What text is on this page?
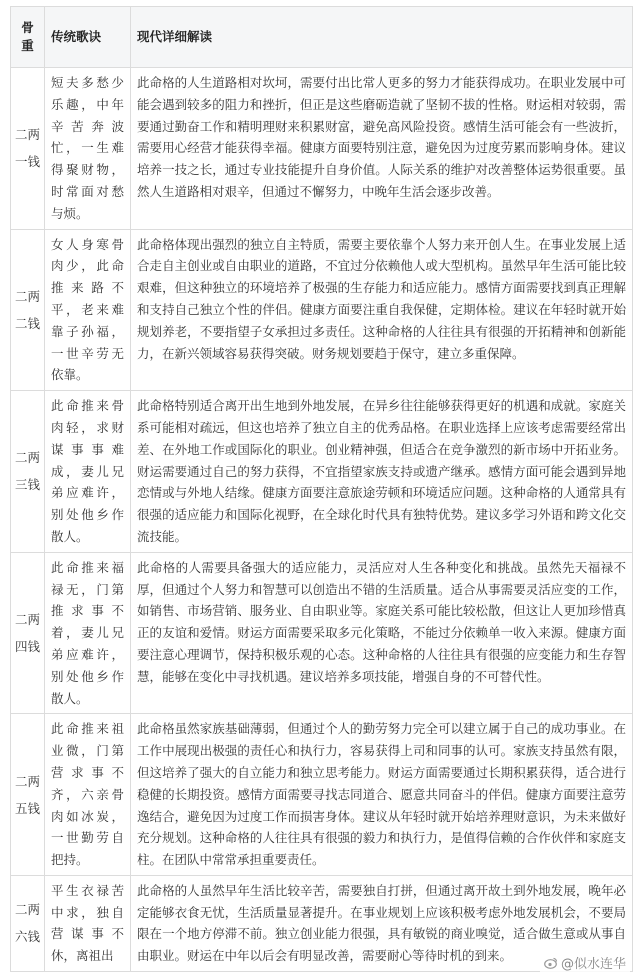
骨重	传统歌诀	现代详细解读
二两一钱	短夫多愁少乐趣，中年辛苦奔波忙，一生难得聚财物，时常面对愁与烦。	此命格的人生道路相对坎坷，需要付出比常人更多的努力才能获得成功。在职业发展中可能会遇到较多的阻力和挫折，但正是这些磨砺造就了坚韧不拔的性格。财运相对较弱，需要通过勤奋工作和精明理财来积累财富，避免高风险投资。感情生活可能会有一些波折，需要用心经营才能获得幸福。健康方面要特别注意，避免因为过度劳累而影响身体。建议培养一技之长，通过专业技能提升自身价值。人际关系的维护对改善整体运势很重要。虽然人生道路相对艰辛，但通过不懈努力，中晚年生活会逐步改善。
二两二钱	女人身寒骨肉少，此命推来路不平，老来难靠子孙福，一世辛劳无依靠。	此命格体现出强烈的独立自主特质，需要主要依靠个人努力来开创人生。在事业发展上适合走自主创业或自由职业的道路，不宜过分依赖他人或大型机构。虽然早年生活可能比较艰难，但这种独立的环境培养了极强的生存能力和适应能力。感情方面需要找到真正理解和支持自己独立个性的伴侣。健康方面要注重自我保健，定期体检。建议在年轻时就开始规划养老，不要指望子女承担过多责任。这种命格的人往往具有很强的开拓精神和创新能力，在新兴领域容易获得突破。财务规划要趋于保守，建立多重保障。
二两三钱	此命推来骨肉轻，求财谋事事难成，妻儿兄弟应难许，别处他乡作散人。	此命格特别适合离开出生地到外地发展，在异乡往往能够获得更好的机遇和成就。家庭关系可能相对疏远，但这也培养了独立自主的优秀品格。在职业选择上应该考虑需要经常出差、在外地工作或国际化的职业。创业精神强，但适合在竞争激烈的新市场中开拓业务。财运需要通过自己的努力获得，不宜指望家族支持或遗产继承。感情方面可能会遇到异地恋情或与外地人结缘。健康方面要注意旅途劳顿和环境适应问题。这种命格的人通常具有很强的适应能力和国际化视野，在全球化时代具有独特优势。建议多学习外语和跨文化交流技能。
二两四钱	此命推来福禄无，门第推求事不着，妻儿兄弟应难许，别处他乡作散人。	此命格的人需要具备强大的适应能力，灵活应对人生各种变化和挑战。虽然先天福禄不厚，但通过个人努力和智慧可以创造出不错的生活质量。适合从事需要灵活应变的工作，如销售、市场营销、服务业、自由职业等。家庭关系可能比较松散，但这让人更加珍惜真正的友谊和爱情。财运方面需要采取多元化策略，不能过分依赖单一收入来源。健康方面要注意心理调节，保持积极乐观的心态。这种命格的人往往具有很强的应变能力和生存智慧，能够在变化中寻找机遇。建议培养多项技能，增强自身的不可替代性。
二两五钱	此命推来祖业微，门第营求事不齐，六亲骨肉如冰炭，一世勤劳自把持。	此命格虽然家族基础薄弱，但通过个人的勤劳努力完全可以建立属于自己的成功事业。在工作中展现出极强的责任心和执行力，容易获得上司和同事的认可。家族支持虽然有限，但这培养了强大的自立能力和独立思考能力。财运方面需要通过长期积累获得，适合进行稳健的长期投资。感情方面需要寻找志同道合、愿意共同奋斗的伴侣。健康方面要注意劳逸结合，避免因为过度工作而损害身体。建议从年轻时就开始培养理财意识，为未来做好充分规划。这种命格的人往往具有很强的毅力和执行力，是值得信赖的合作伙伴和家庭支柱。在团队中常常承担重要责任。
二两六钱	平生衣禄苦中求，独自营谋事不休，离祖出	此命格的人虽然早年生活比较辛苦，需要独自打拼，但通过离开故土到外地发展，晚年必定能够衣食无忧，生活质量显著提升。在事业规划上应该积极考虑外地发展机会，不要局限在一个地方停滞不前。独立创业能力很强，具有敏锐的商业嗅觉，适合做生意或从事自由职业。财运在中年以后会有明显改善，需要耐心等待时机的到来。
@似水连华
